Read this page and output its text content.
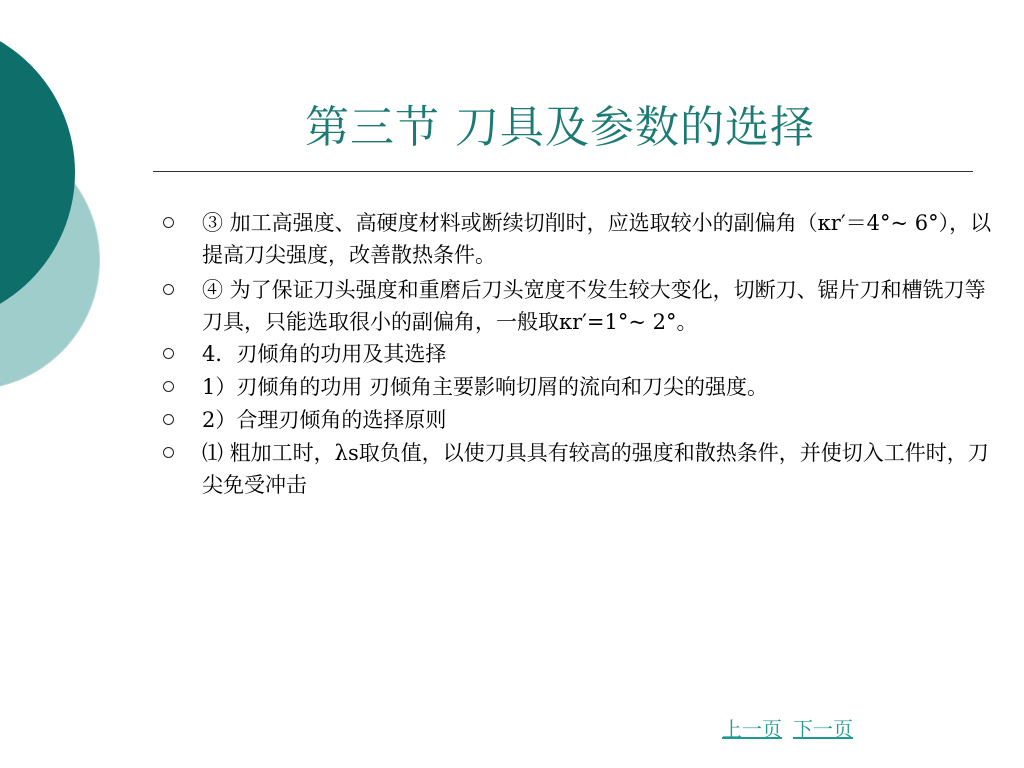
第三节 刀具及参数的选择
③ 加工高强度、高硬度材料或断续切削时，应选取较小的副偏角（κr′＝4°~ 6°），以提高刀尖强度，改善散热条件。
④ 为了保证刀头强度和重磨后刀头宽度不发生较大变化，切断刀、锯片刀和槽铣刀等刀具，只能选取很小的副偏角，一般取κr′=1°~ 2°。
4．刃倾角的功用及其选择
1）刃倾角的功用 刃倾角主要影响切屑的流向和刀尖的强度。
2）合理刃倾角的选择原则
⑴ 粗加工时，λs取负值，以使刀具具有较高的强度和散热条件，并使切入工件时，刀尖免受冲击
上一页 下一页
